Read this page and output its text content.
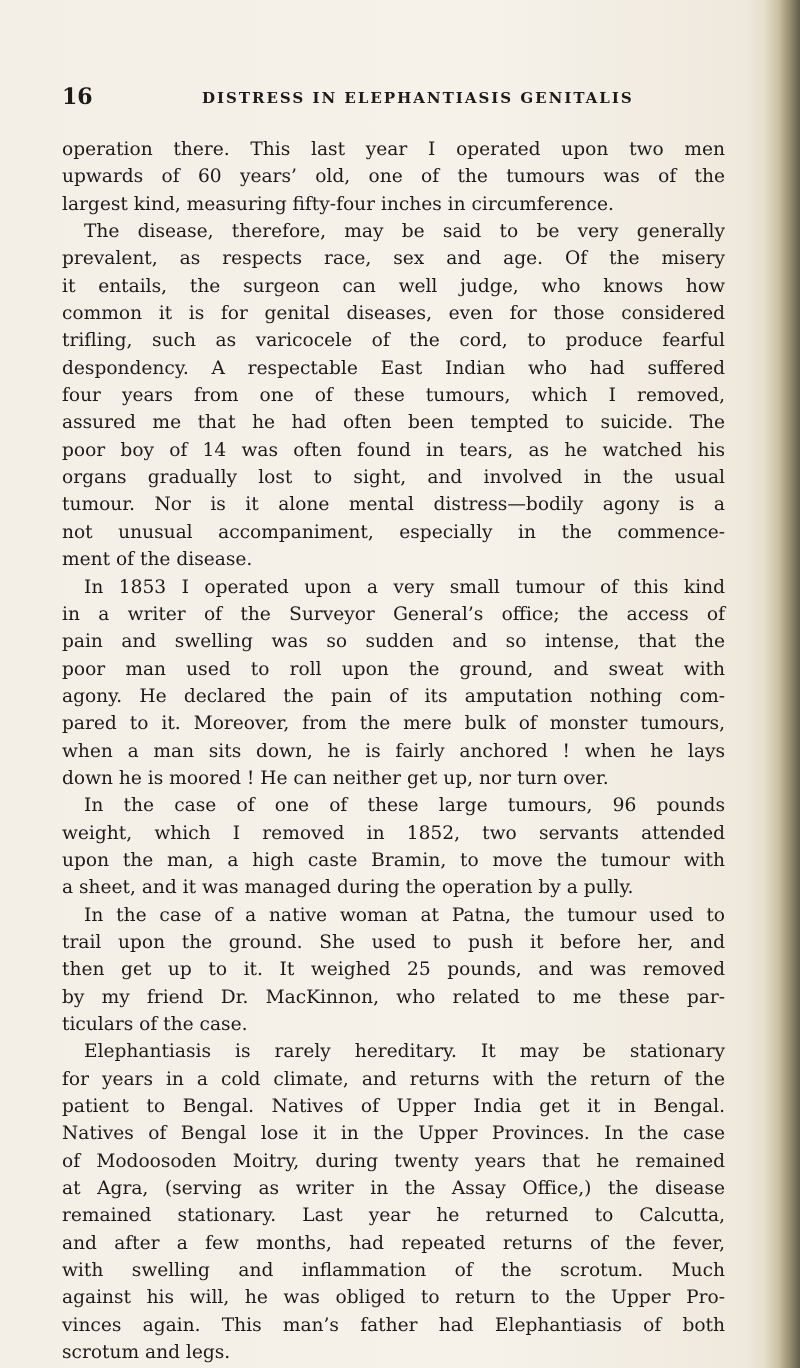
16	DISTRESS IN ELEPHANTIASIS GENITALIS
operation there. This last year I operated upon two men
upwards of 60 years’ old, one of the tumours was of the
largest kind, measuring fifty-four inches in circumference.
The disease, therefore, may be said to be very generally
prevalent, as respects race, sex and age. Of the misery
it entails, the surgeon can well judge, who knows how
common it is for genital diseases, even for those considered
trifling, such as varicocele of the cord, to produce fearful
despondency. A respectable East Indian who had suffered
four years from one of these tumours, which I removed,
assured me that he had often been tempted to suicide. The
poor boy of 14 was often found in tears, as he watched his
organs gradually lost to sight, and involved in the usual
tumour. Nor is it alone mental distress—bodily agony is a
not unusual accompaniment, especially in the commence-
ment of the disease.
In 1853 I operated upon a very small tumour of this kind
in a writer of the Surveyor General’s office; the access of
pain and swelling was so sudden and so intense, that the
poor man used to roll upon the ground, and sweat with
agony. He declared the pain of its amputation nothing com-
pared to it. Moreover, from the mere bulk of monster tumours,
when a man sits down, he is fairly anchored ! when he lays
down he is moored ! He can neither get up, nor turn over.
In the case of one of these large tumours, 96 pounds
weight, which I removed in 1852, two servants attended
upon the man, a high caste Bramin, to move the tumour with
a sheet, and it was managed during the operation by a pully.
In the case of a native woman at Patna, the tumour used to
trail upon the ground. She used to push it before her, and
then get up to it. It weighed 25 pounds, and was removed
by my friend Dr. MacKinnon, who related to me these par-
ticulars of the case.
Elephantiasis is rarely hereditary. It may be stationary
for years in a cold climate, and returns with the return of the
patient to Bengal. Natives of Upper India get it in Bengal.
Natives of Bengal lose it in the Upper Provinces. In the case
of Modoosoden Moitry, during twenty years that he remained
at Agra, (serving as writer in the Assay Office,) the disease
remained stationary. Last year he returned to Calcutta,
and after a few months, had repeated returns of the fever,
with swelling and inflammation of the scrotum. Much
against his will, he was obliged to return to the Upper Pro-
vinces again. This man’s father had Elephantiasis of both
scrotum and legs.
